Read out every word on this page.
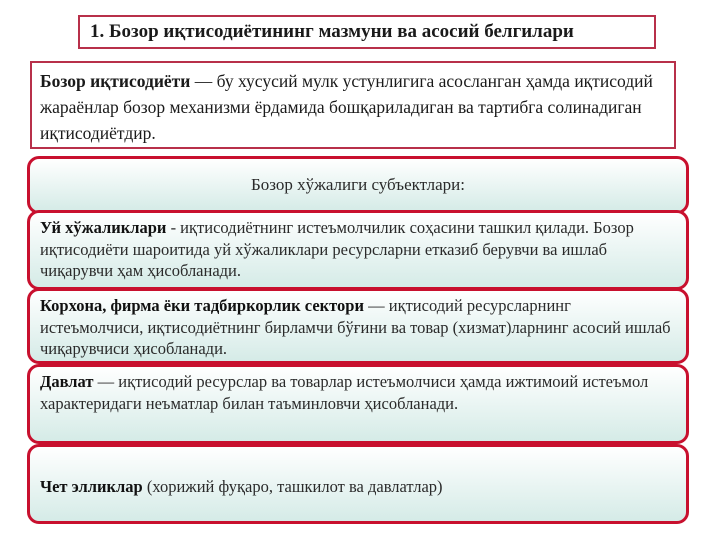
1. Бозор иқтисодиётининг мазмуни ва асосий белгилари
Бозор иқтисодиёти — бу хусусий мулк устунлигига асосланган ҳамда иқтисодий жараёнлар бозор механизми ёрдамида бошқариладиган ва тартибга солинадиган иқтисодиётдир.
Бозор хўжалиги субъектлари:
Уй хўжаликлари - иқтисодиётнинг истеъмолчилик соҳасини ташкил қилади. Бозор иқтисодиёти шароитида уй хўжаликлари ресурсларни етказиб берувчи ва ишлаб чиқарувчи ҳам ҳисобланади.
Корхона, фирма ёки тадбиркорлик сектори — иқтисодий ресурсларнинг истеъмолчиси, иқтисодиётнинг бирламчи бўғини ва товар (хизмат)ларнинг асосий ишлаб чиқарувчиси ҳисобланади.
Давлат — иқтисодий ресурслар ва товарлар истеъмолчиси ҳамда ижтимоий истеъмол характеридаги неъматлар билан таъминловчи ҳисобланади.
Чет элликлар (хорижий фуқаро, ташкилот ва давлатлар)
